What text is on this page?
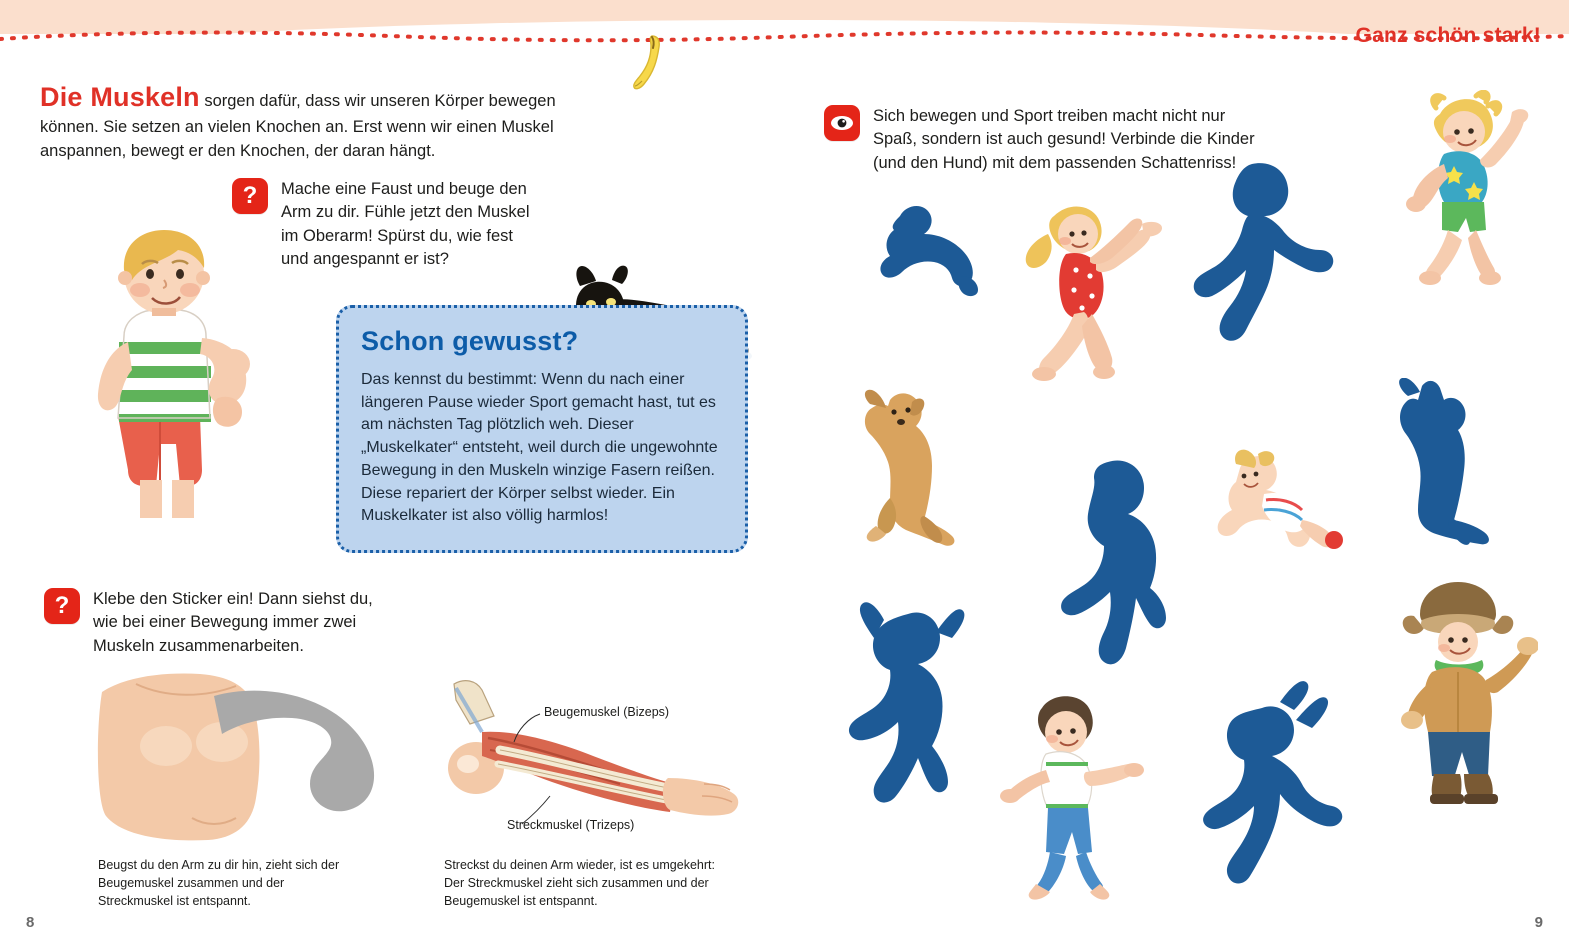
Ganz schön stark!
Die Muskeln sorgen dafür, dass wir unseren Körper bewegen können. Sie setzen an vielen Knochen an. Erst wenn wir einen Muskel anspannen, bewegt er den Knochen, der daran hängt.
?	Mache eine Faust und beuge den Arm zu dir. Fühle jetzt den Muskel im Oberarm! Spürst du, wie fest und angespannt er ist?
Schon gewusst?

Das kennst du bestimmt: Wenn du nach einer längeren Pause wieder Sport gemacht hast, tut es am nächsten Tag plötzlich weh. Dieser „Muskelkater“ entsteht, weil durch die ungewohnte Bewegung in den Muskeln winzige Fasern reißen. Diese repariert der Körper selbst wieder. Ein Muskelkater ist also völlig harmlos!

?	Klebe den Sticker ein! Dann siehst du, wie bei einer Bewegung immer zwei Muskeln zusammenarbeiten.
Beugemuskel (Bizeps)
Streckmuskel (Trizeps)
Beugst du den Arm zu dir hin, zieht sich der Beugemuskel zusammen und der Streckmuskel ist entspannt.
Streckst du deinen Arm wieder, ist es umgekehrt: Der Streckmuskel zieht sich zusammen und der Beugemuskel ist entspannt.
8	9
Sich bewegen und Sport treiben macht nicht nur Spaß, sondern ist auch gesund! Verbinde die Kinder (und den Hund) mit dem passenden Schattenriss!
